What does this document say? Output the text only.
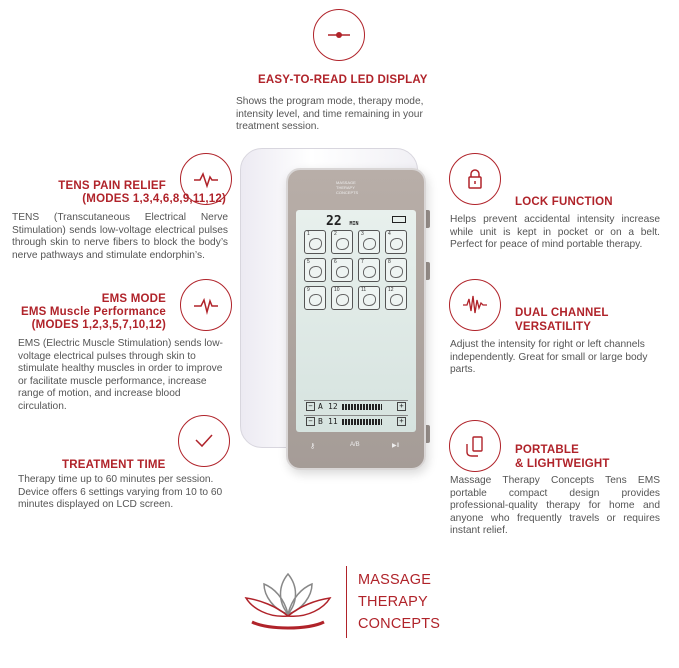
EASY-TO-READ LED DISPLAY
Shows the program mode, therapy mode, intensity level, and time remaining in your treatment session.
TENS PAIN RELIEF
(MODES 1,3,4,6,8,9,11,12)
TENS (Transcutaneous Electrical Nerve Stimulation) sends low-voltage electrical pulses through skin to nerve fibers to block the body’s nerve pathways and stimulate endorphin’s.
EMS MODE
EMS Muscle Performance
(MODES 1,2,3,5,7,10,12)
EMS (Electric Muscle Stimulation) sends low-voltage electrical pulses through skin to stimulate healthy muscles in order to improve or facilitate muscle performance, increase range of motion, and increase blood circulation.
TREATMENT TIME
Therapy time up to 60 minutes per session. Device offers 6 settings varying from 10 to 60 minutes displayed on LCD screen.
LOCK FUNCTION
Helps prevent accidental intensity increase while unit is kept in pocket or on a belt. Perfect for peace of mind portable therapy.
DUAL CHANNEL
VERSATILITY
Adjust the intensity for right or left channels independently. Great for small or large body parts.
PORTABLE
& LIGHTWEIGHT
Massage Therapy Concepts Tens EMS portable compact design provides professional-quality therapy for home and anyone who frequently travels or requires instant relief.
MASSAGE
THERAPY
CONCEPTS
22 MIN
1	2	3	4
5	6	7	8
9	10	11	12
− A 12	+
− B 11	+
A/B
⚷	▶‖
MASSAGE
THERAPY
CONCEPTS
